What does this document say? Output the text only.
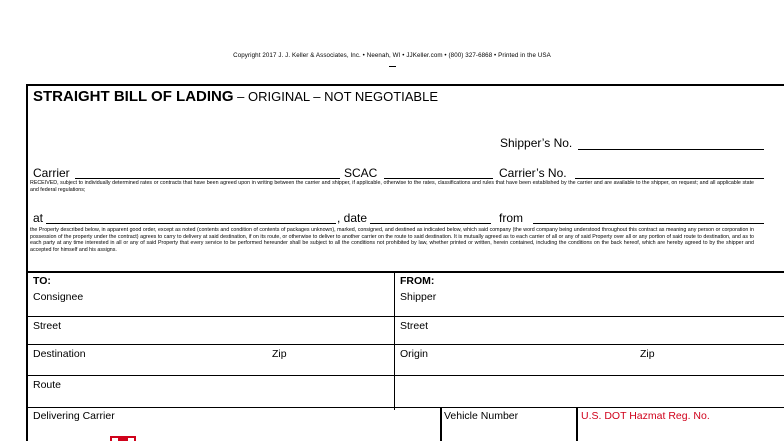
Copyright 2017 J. J. Keller & Associates, Inc. • Neenah, WI • JJKeller.com • (800) 327-6868 • Printed in the USA
STRAIGHT BILL OF LADING – ORIGINAL – NOT NEGOTIABLE
Shipper’s No.
Carrier	SCAC	Carrier’s No.
RECEIVED, subject to individually determined rates or contracts that have been agreed upon in writing between the carrier and shipper, if applicable, otherwise to the rates, classifications and rules that have been established by the carrier and are available to the shipper, on request; and all applicable state and federal regulations;
at	, date	from
the Property described below, in apparent good order, except as noted (contents and condition of contents of packages unknown), marked, consigned, and destined as indicated below, which said company (the word company being understood throughout this contract as meaning any person or corporation in possession of the property under the contract) agrees to carry to delivery at said destination, if on its route, or otherwise to deliver to another carrier on the route to said destination. It is mutually agreed as to each carrier of all or any of said Property over all or any portion of said route to destination, and as to each party at any time interested in all or any of said Property that every service to be performed hereunder shall be subject to all the conditions not prohibited by law, whether printed or written, herein contained, including the conditions on the back hereof, which are hereby agreed to by the shipper and accepted for himself and his assigns.
TO:
Consignee
FROM:
Shipper
Street	Street
Destination	Zip	Origin	Zip
Route
Delivering Carrier	Vehicle Number	U.S. DOT Hazmat Reg. No.
